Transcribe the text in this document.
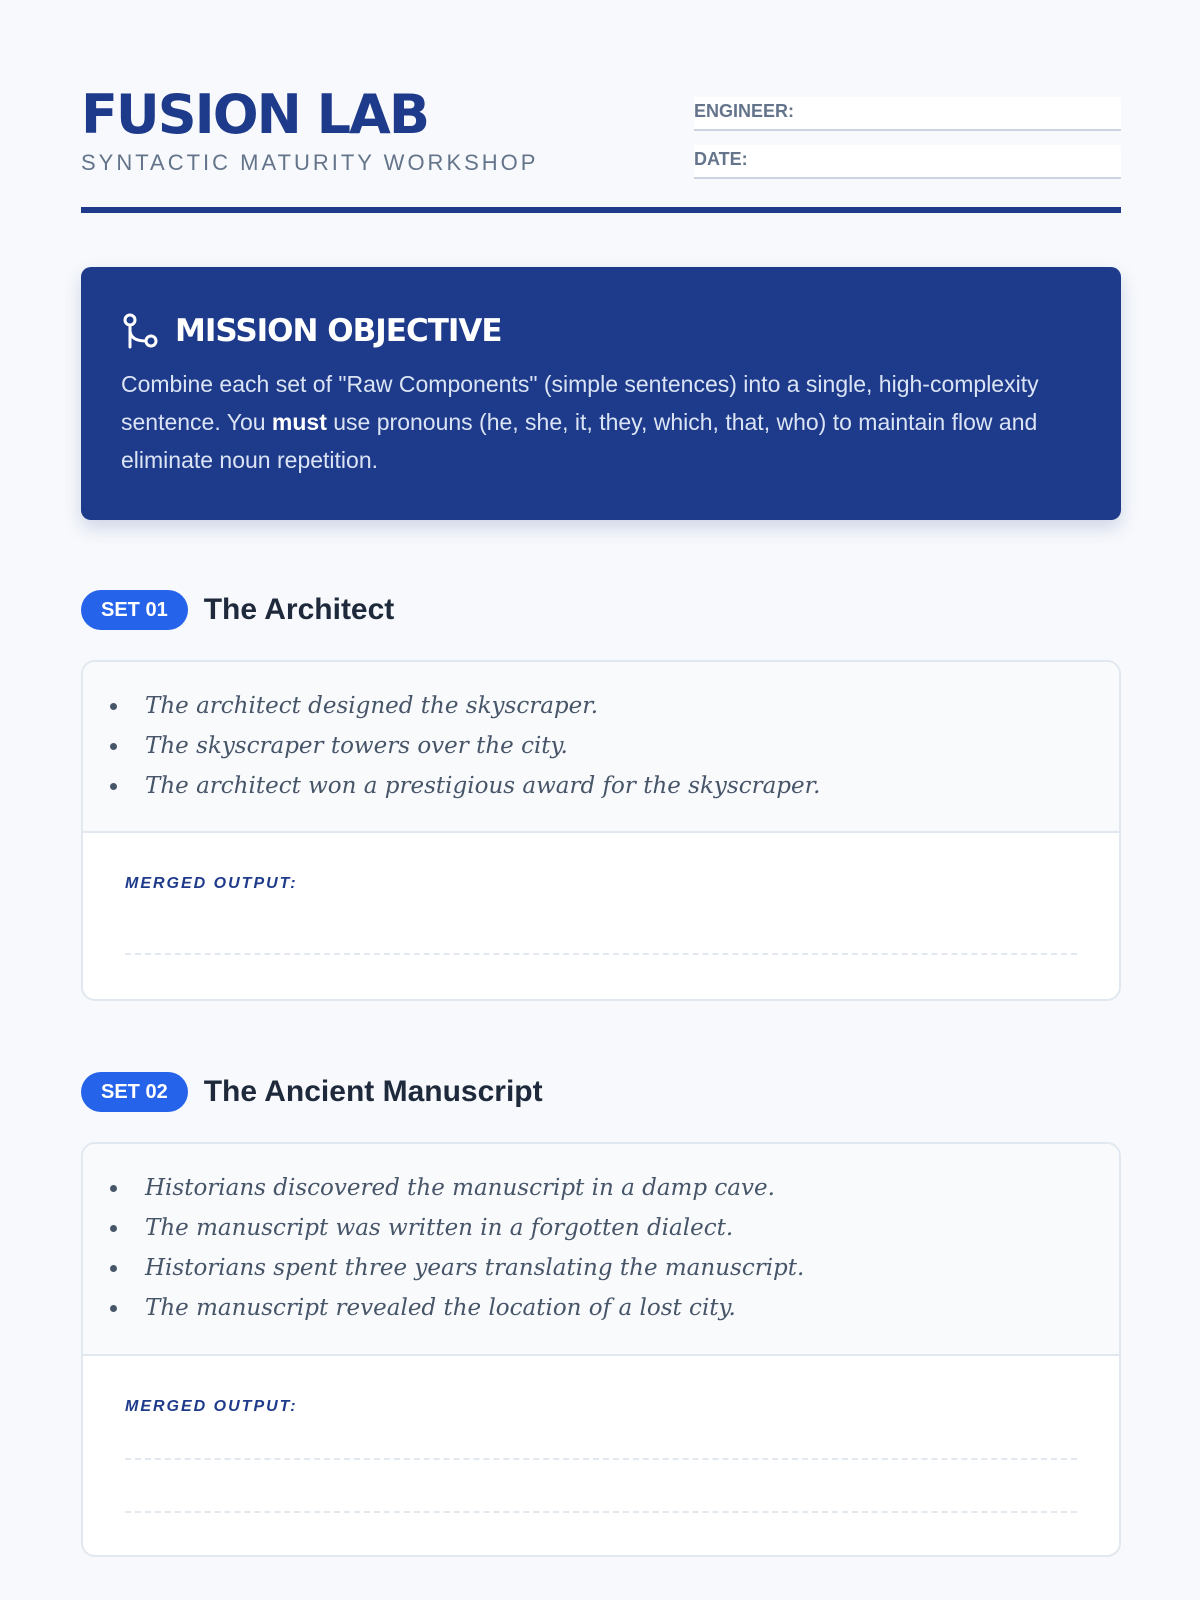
FUSION LAB
SYNTACTIC MATURITY WORKSHOP
ENGINEER:
DATE:
MISSION OBJECTIVE

Combine each set of "Raw Components" (simple sentences) into a single, high-complexity sentence. You must use pronouns (he, she, it, they, which, that, who) to maintain flow and eliminate noun repetition.

SET 01	The Architect
The architect designed the skyscraper.
The skyscraper towers over the city.
The architect won a prestigious award for the skyscraper.
MERGED OUTPUT:
SET 02	The Ancient Manuscript
Historians discovered the manuscript in a damp cave.
The manuscript was written in a forgotten dialect.
Historians spent three years translating the manuscript.
The manuscript revealed the location of a lost city.
MERGED OUTPUT:
